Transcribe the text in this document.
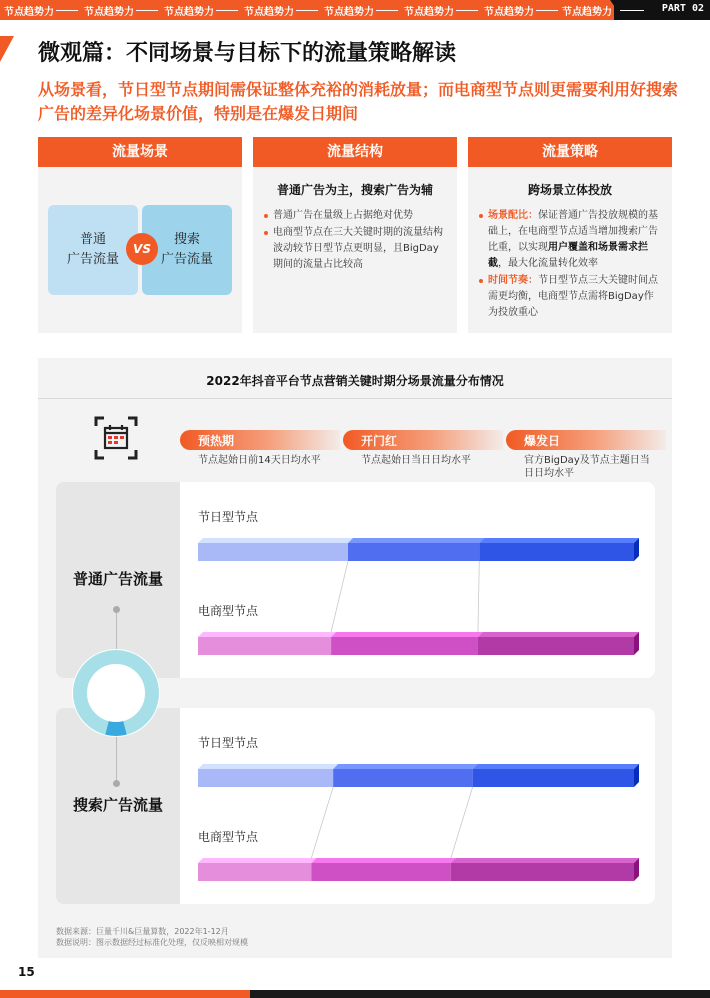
节点趋势力	节点趋势力	节点趋势力	节点趋势力	节点趋势力	节点趋势力	节点趋势力	节点趋势力	PART 02
微观篇：不同场景与目标下的流量策略解读
从场景看，节日型节点期间需保证整体充裕的消耗放量；而电商型节点则更需要利用好搜索广告的差异化场景价值，特别是在爆发日期间
流量场景
普通
广告流量
搜索
广告流量
VS
流量结构
普通广告为主，搜索广告为辅
普通广告在量级上占据绝对优势
电商型节点在三大关键时期的流量结构波动较节日型节点更明显，且BigDay期间的流量占比较高
流量策略
跨场景立体投放
场景配比：保证普通广告投放规模的基础上，在电商型节点适当增加搜索广告比重，以实现用户覆盖和场景需求拦截，最大化流量转化效率
时间节奏：节日型节点三大关键时间点需更均衡，电商型节点需将BigDay作为投放重心
2022年抖音平台节点营销关键时期分场景流量分布情况
预热期
节点起始日前14天日均水平
开门红
节点起始日当日日均水平
爆发日
官方BigDay及节点主题日当日日均水平
普通广告流量
搜索广告流量
节日型节点
电商型节点
节日型节点
电商型节点
数据来源：巨量千川&巨量算数，2022年1-12月
数据说明：图示数据经过标准化处理，仅反映相对规模
15
